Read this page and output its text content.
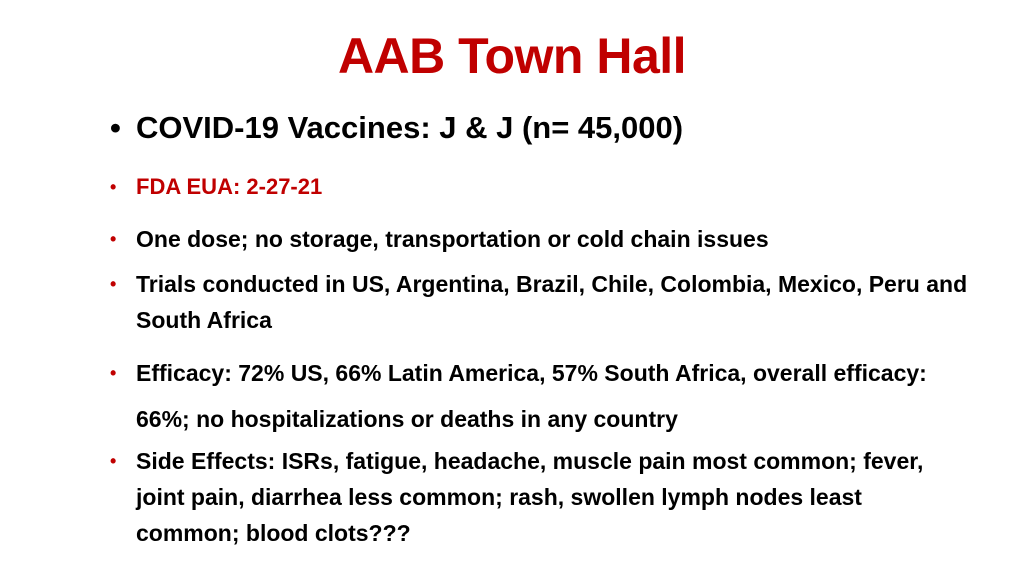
AAB Town Hall
• COVID-19 Vaccines: J & J (n= 45,000)
• FDA EUA: 2-27-21
• One dose; no storage, transportation or cold chain issues
• Trials conducted in US, Argentina, Brazil, Chile, Colombia, Mexico, Peru and South Africa
• Efficacy: 72% US, 66% Latin America, 57% South Africa, overall efficacy: 66%; no hospitalizations or deaths in any country
• Side Effects: ISRs, fatigue, headache, muscle pain most common; fever, joint pain, diarrhea less common; rash, swollen lymph nodes least common; blood clots???
